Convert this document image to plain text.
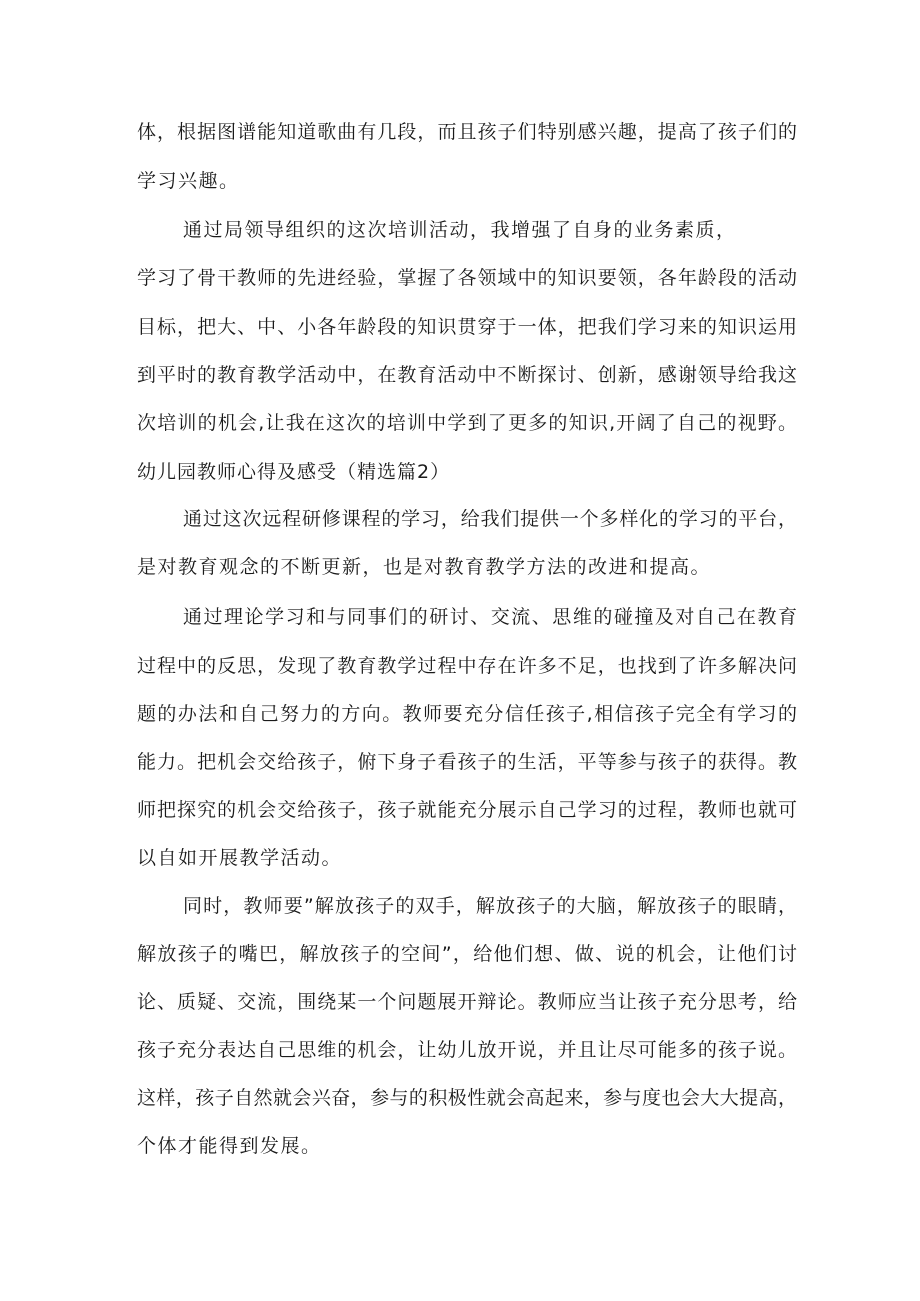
体，根据图谱能知道歌曲有几段，而且孩子们特别感兴趣，提高了孩子们的
学习兴趣。
通过局领导组织的这次培训活动，我增强了自身的业务素质，
学习了骨干教师的先进经验，掌握了各领域中的知识要领，各年龄段的活动
目标，把大、中、小各年龄段的知识贯穿于一体，把我们学习来的知识运用
到平时的教育教学活动中，在教育活动中不断探讨、创新，感谢领导给我这
次培训的机会,让我在这次的培训中学到了更多的知识,开阔了自己的视野。
幼儿园教师心得及感受（精选篇2）
通过这次远程研修课程的学习，给我们提供一个多样化的学习的平台，
是对教育观念的不断更新，也是对教育教学方法的改进和提高。
通过理论学习和与同事们的研讨、交流、思维的碰撞及对自己在教育
过程中的反思，发现了教育教学过程中存在许多不足，也找到了许多解决问
题的办法和自己努力的方向。教师要充分信任孩子,相信孩子完全有学习的
能力。把机会交给孩子，俯下身子看孩子的生活，平等参与孩子的获得。教
师把探究的机会交给孩子，孩子就能充分展示自己学习的过程，教师也就可
以自如开展教学活动。
同时，教师要”解放孩子的双手，解放孩子的大脑，解放孩子的眼睛，
解放孩子的嘴巴，解放孩子的空间”，给他们想、做、说的机会，让他们讨
论、质疑、交流，围绕某一个问题展开辩论。教师应当让孩子充分思考，给
孩子充分表达自己思维的机会，让幼儿放开说，并且让尽可能多的孩子说。
这样，孩子自然就会兴奋，参与的积极性就会高起来，参与度也会大大提高，
个体才能得到发展。
